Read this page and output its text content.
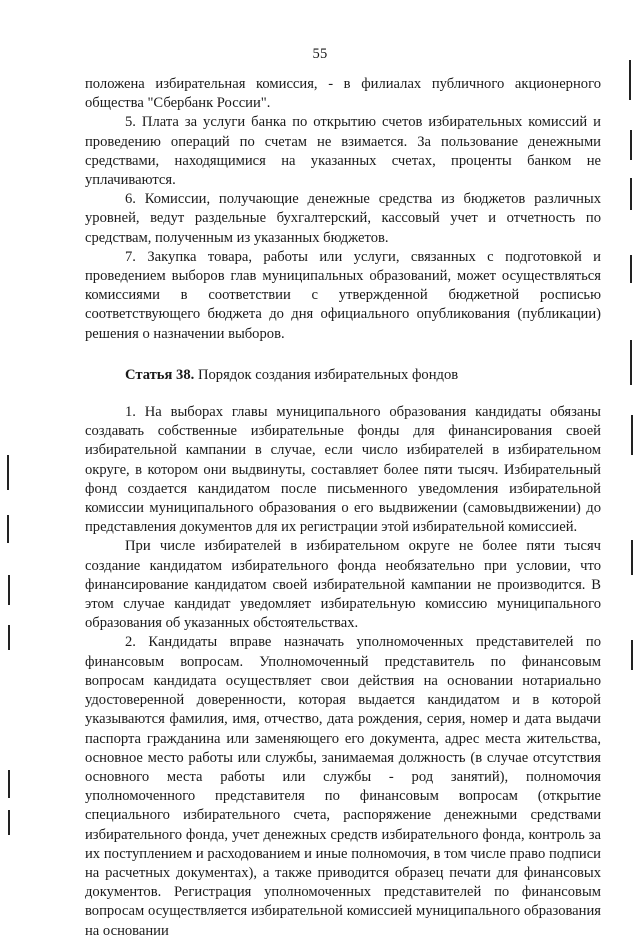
55

положена избирательная комиссия, - в филиалах публичного акционерного общества "Сбербанк России".

5. Плата за услуги банка по открытию счетов избирательных комиссий и проведению операций по счетам не взимается. За пользование денежными средствами, находящимися на указанных счетах, проценты банком не уплачиваются.

6. Комиссии, получающие денежные средства из бюджетов различных уровней, ведут раздельные бухгалтерский, кассовый учет и отчетность по средствам, полученным из указанных бюджетов.

7. Закупка товара, работы или услуги, связанных с подготовкой и проведением выборов глав муниципальных образований, может осуществляться комиссиями в соответствии с утвержденной бюджетной росписью соответствующего бюджета до дня официального опубликования (публикации) решения о назначении выборов.

Статья 38. Порядок создания избирательных фондов

1. На выборах главы муниципального образования кандидаты обязаны создавать собственные избирательные фонды для финансирования своей избирательной кампании в случае, если число избирателей в избирательном округе, в котором они выдвинуты, составляет более пяти тысяч. Избирательный фонд создается кандидатом после письменного уведомления избирательной комиссии муниципального образования о его выдвижении (самовыдвижении) до представления документов для их регистрации этой избирательной комиссией.

При числе избирателей в избирательном округе не более пяти тысяч создание кандидатом избирательного фонда необязательно при условии, что финансирование кандидатом своей избирательной кампании не производится. В этом случае кандидат уведомляет избирательную комиссию муниципального образования об указанных обстоятельствах.

2. Кандидаты вправе назначать уполномоченных представителей по финансовым вопросам. Уполномоченный представитель по финансовым вопросам кандидата осуществляет свои действия на основании нотариально удостоверенной доверенности, которая выдается кандидатом и в которой указываются фамилия, имя, отчество, дата рождения, серия, номер и дата выдачи паспорта гражданина или заменяющего его документа, адрес места жительства, основное место работы или службы, занимаемая должность (в случае отсутствия основного места работы или службы - род занятий), полномочия уполномоченного представителя по финансовым вопросам (открытие специального избирательного счета, распоряжение денежными средствами избирательного фонда, учет денежных средств избирательного фонда, контроль за их поступлением и расходованием и иные полномочия, в том числе право подписи на расчетных документах), а также приводится образец печати для финансовых документов. Регистрация уполномоченных представителей по финансовым вопросам осуществляется избирательной комиссией муниципального образования на основании
